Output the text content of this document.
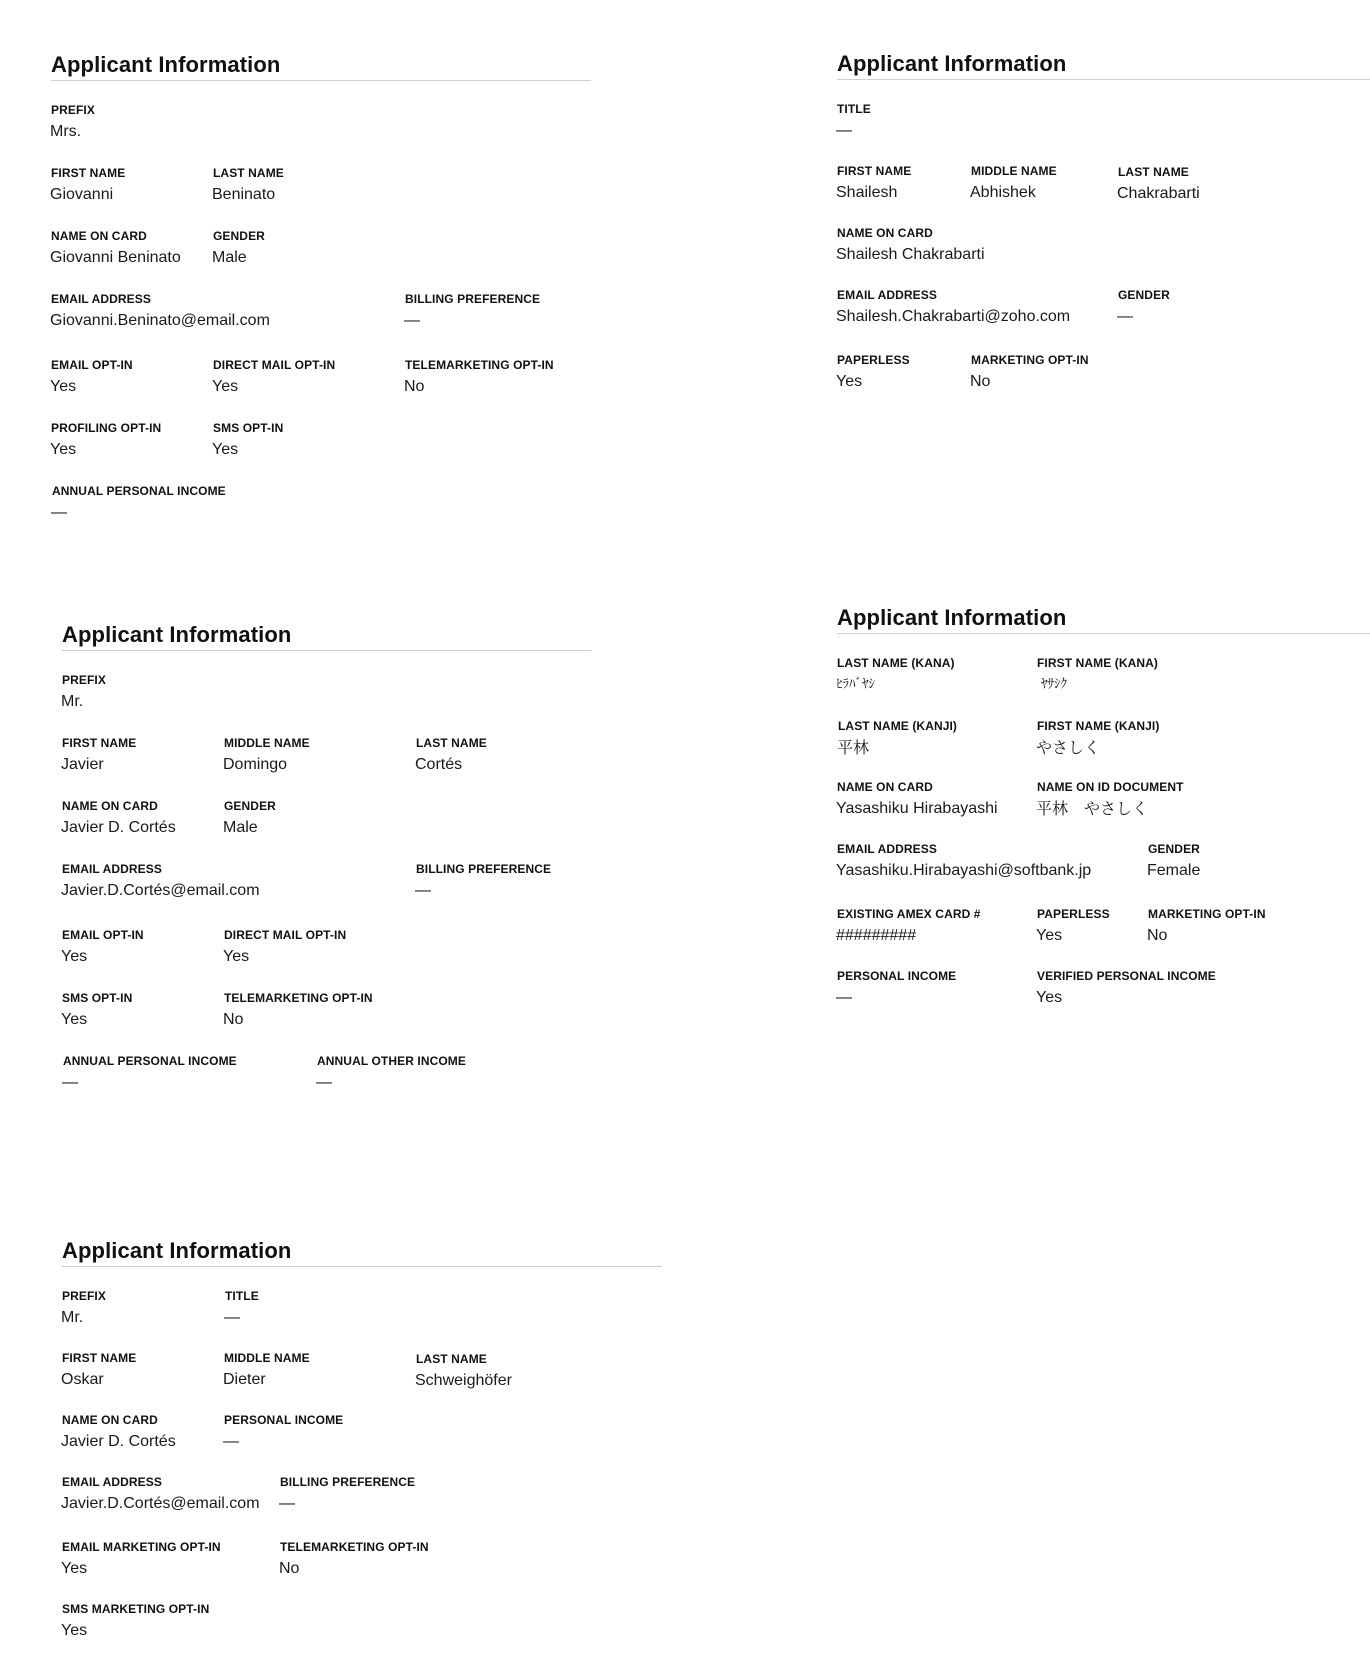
Applicant Information
PREFIX
Mrs.
FIRST NAME
Giovanni
LAST NAME
Beninato
NAME ON CARD
Giovanni Beninato
GENDER
Male
EMAIL ADDRESS
Giovanni.Beninato@email.com
BILLING PREFERENCE
—
EMAIL OPT-IN
Yes
DIRECT MAIL OPT-IN
Yes
TELEMARKETING OPT-IN
No
PROFILING OPT-IN
Yes
SMS OPT-IN
Yes
ANNUAL PERSONAL INCOME
—
Applicant Information
TITLE
—
FIRST NAME
Shailesh
MIDDLE NAME
Abhishek
LAST NAME
Chakrabarti
NAME ON CARD
Shailesh Chakrabarti
EMAIL ADDRESS
Shailesh.Chakrabarti@zoho.com
GENDER
—
PAPERLESS
Yes
MARKETING OPT-IN
No
Applicant Information
PREFIX
Mr.
FIRST NAME
Javier
MIDDLE NAME
Domingo
LAST NAME
Cortés
NAME ON CARD
Javier D. Cortés
GENDER
Male
EMAIL ADDRESS
Javier.D.Cortés@email.com
BILLING PREFERENCE
—
EMAIL OPT-IN
Yes
DIRECT MAIL OPT-IN
Yes
SMS OPT-IN
Yes
TELEMARKETING OPT-IN
No
ANNUAL PERSONAL INCOME
—
ANNUAL OTHER INCOME
—
Applicant Information
LAST NAME (KANA)
ﾋﾗﾊﾞﾔｼ
FIRST NAME (KANA)
ﾔｻｼｸ
LAST NAME (KANJI)
平林
FIRST NAME (KANJI)
やさしく
NAME ON CARD
Yasashiku Hirabayashi
NAME ON ID DOCUMENT
平林　やさしく
EMAIL ADDRESS
Yasashiku.Hirabayashi@softbank.jp
GENDER
Female
EXISTING AMEX CARD #
#########
PAPERLESS
Yes
MARKETING OPT-IN
No
PERSONAL INCOME
—
VERIFIED PERSONAL INCOME
Yes
Applicant Information
PREFIX
Mr.
TITLE
—
FIRST NAME
Oskar
MIDDLE NAME
Dieter
LAST NAME
Schweighöfer
NAME ON CARD
Javier D. Cortés
PERSONAL INCOME
—
EMAIL ADDRESS
Javier.D.Cortés@email.com
BILLING PREFERENCE
—
EMAIL MARKETING OPT-IN
Yes
TELEMARKETING OPT-IN
No
SMS MARKETING OPT-IN
Yes
